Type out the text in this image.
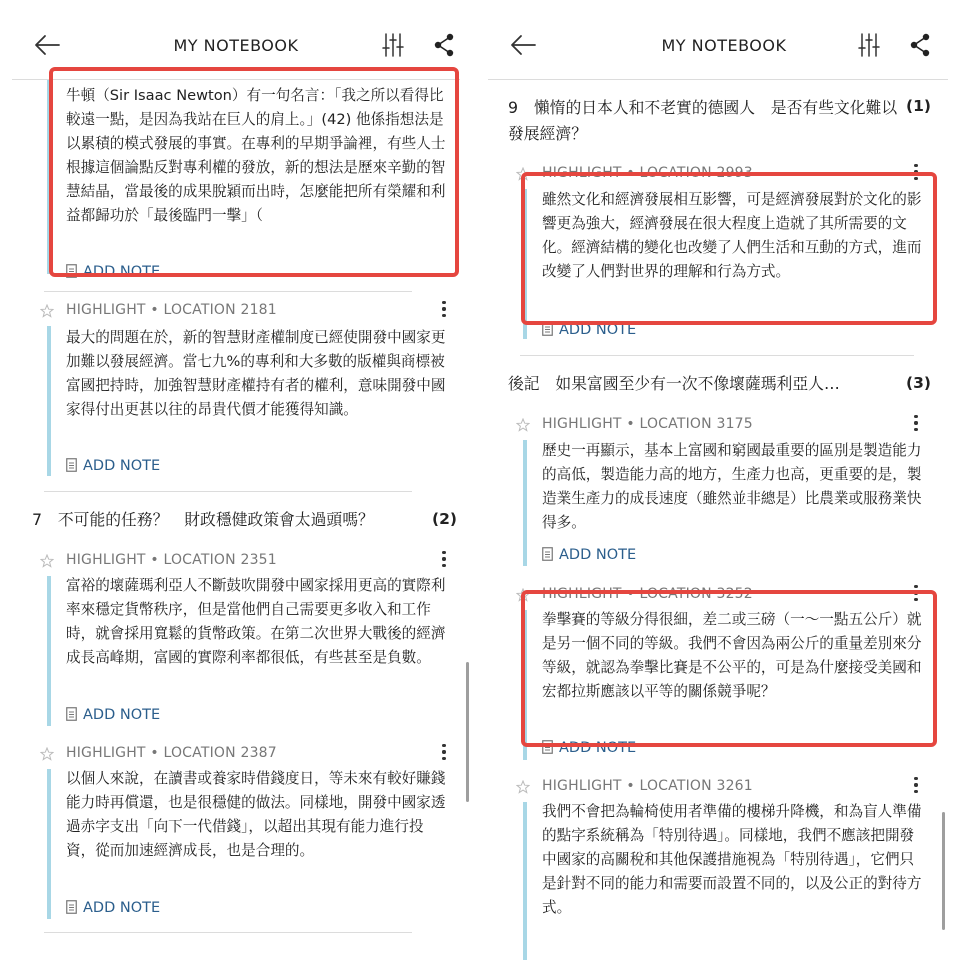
MY NOTEBOOK
牛頓（Sir Isaac Newton）有一句名言：「我之所以看得比較遠一點，是因為我站在巨人的肩上。」(42) 他係指想法是以累積的模式發展的事實。在專利的早期爭論裡，有些人士根據這個論點反對專利權的發放，新的想法是歷來辛勤的智慧結晶，當最後的成果脫穎而出時，怎麼能把所有榮耀和利益都歸功於「最後臨門一擊」（
ADD NOTE
HIGHLIGHT • LOCATION 2181
最大的問題在於，新的智慧財產權制度已經使開發中國家更加難以發展經濟。當七九%的專利和大多數的版權與商標被富國把持時，加強智慧財產權持有者的權利，意味開發中國家得付出更甚以往的昂貴代價才能獲得知識。
ADD NOTE
7　不可能的任務？　財政穩健政策會太過頭嗎？	(2)
HIGHLIGHT • LOCATION 2351
富裕的壞薩瑪利亞人不斷鼓吹開發中國家採用更高的實際利率來穩定貨幣秩序，但是當他們自己需要更多收入和工作時，就會採用寬鬆的貨幣政策。在第二次世界大戰後的經濟成長高峰期，富國的實際利率都很低，有些甚至是負數。
ADD NOTE
HIGHLIGHT • LOCATION 2387
以個人來說，在讀書或養家時借錢度日，等未來有較好賺錢能力時再償還，也是很穩健的做法。同樣地，開發中國家透過赤字支出「向下一代借錢」，以超出其現有能力進行投資，從而加速經濟成長，也是合理的。
ADD NOTE
MY NOTEBOOK
9　懶惰的日本人和不老實的德國人　是否有些文化難以發展經濟？
(1)
HIGHLIGHT • LOCATION 2993
雖然文化和經濟發展相互影響，可是經濟發展對於文化的影響更為強大，經濟發展在很大程度上造就了其所需要的文化。經濟結構的變化也改變了人們生活和互動的方式，進而改變了人們對世界的理解和行為方式。
ADD NOTE
後記　如果富國至少有一次不像壞薩瑪利亞人…	(3)
HIGHLIGHT • LOCATION 3175
歷史一再顯示，基本上富國和窮國最重要的區別是製造能力的高低，製造能力高的地方，生產力也高，更重要的是，製造業生產力的成長速度（雖然並非總是）比農業或服務業快得多。
ADD NOTE
HIGHLIGHT • LOCATION 3252
拳擊賽的等級分得很細，差二或三磅（一～一點五公斤）就是另一個不同的等級。我們不會因為兩公斤的重量差別來分等級，就認為拳擊比賽是不公平的，可是為什麼接受美國和宏都拉斯應該以平等的關係競爭呢？
ADD NOTE
HIGHLIGHT • LOCATION 3261
我們不會把為輪椅使用者準備的樓梯升降機，和為盲人準備的點字系統稱為「特別待遇」。同樣地，我們不應該把開發中國家的高關稅和其他保護措施視為「特別待遇」，它們只是針對不同的能力和需要而設置不同的，以及公正的對待方式。
